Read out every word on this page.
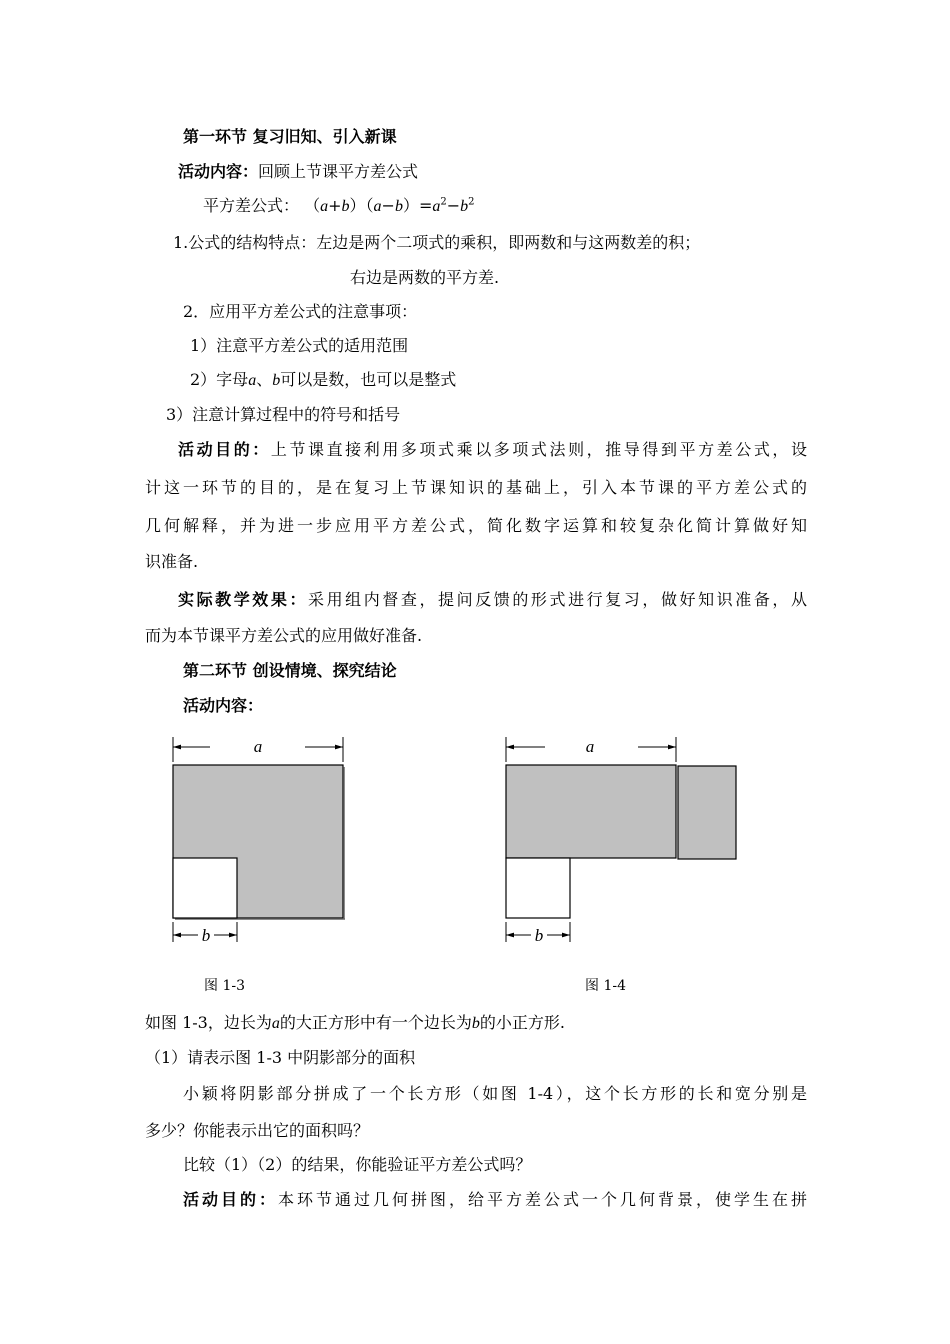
第一环节 复习旧知、引入新课
活动内容：回顾上节课平方差公式
平方差公式： $(a+b)(a-b)=a^2-b^2$
1.公式的结构特点：左边是两个二项式的乘积，即两数和与这两数差的积；
右边是两数的平方差.
2．应用平方差公式的注意事项：
1）注意平方差公式的适用范围
2）字母a、b可以是数，也可以是整式
3）注意计算过程中的符号和括号
活动目的：上节课直接利用多项式乘以多项式法则，推导得到平方差公式，设
计这一环节的目的，是在复习上节课知识的基础上，引入本节课的平方差公式的
几何解释，并为进一步应用平方差公式，简化数字运算和较复杂化简计算做好知
识准备.
实际教学效果：采用组内督查，提问反馈的形式进行复习，做好知识准备，从
而为本节课平方差公式的应用做好准备.
第二环节 创设情境、探究结论
活动内容：
a
b
a
b
图 1-3	图 1-4
如图 1-3，边长为a的大正方形中有一个边长为b的小正方形.
（1）请表示图 1-3 中阴影部分的面积
小颖将阴影部分拼成了一个长方形（如图 1-4），这个长方形的长和宽分别是
多少？你能表示出它的面积吗？
比较（1）（2）的结果，你能验证平方差公式吗？
活动目的：本环节通过几何拼图，给平方差公式一个几何背景，使学生在拼
